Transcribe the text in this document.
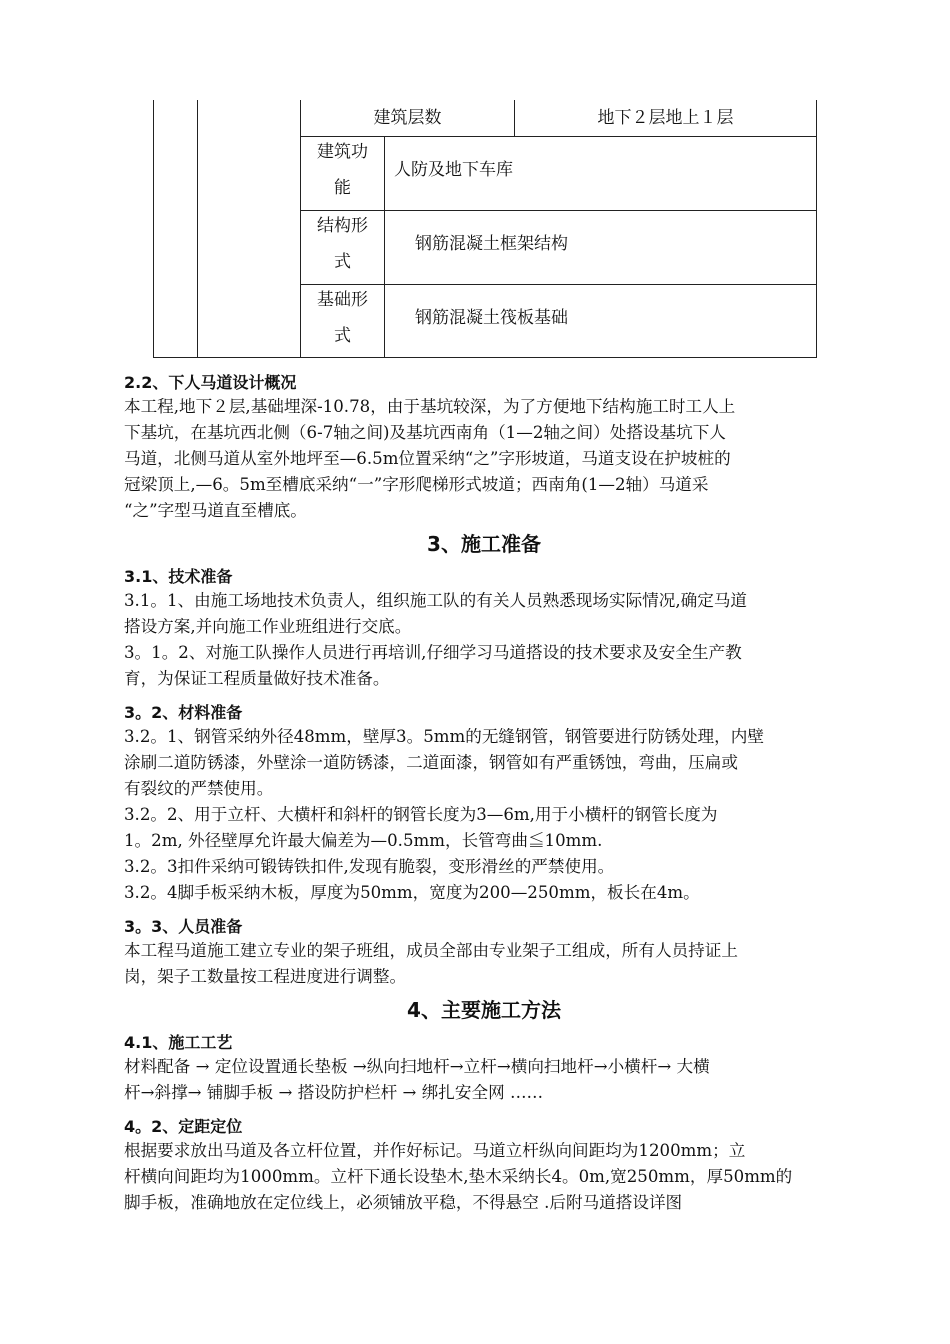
建筑层数	地下２层地上１层
建筑功
能
人防及地下车库
结构形
式
钢筋混凝土框架结构
基础形
式
钢筋混凝土筏板基础
2.2、下人马道设计概况
本工程,地下２层,基础埋深-10.78，由于基坑较深，为了方便地下结构施工时工人上
下基坑，在基坑西北侧（6-7轴之间)及基坑西南角（1—2轴之间）处搭设基坑下人
马道，北侧马道从室外地坪至—6.5m位置采纳“之”字形坡道，马道支设在护坡桩的
冠梁顶上,—6。5m至槽底采纳“一”字形爬梯形式坡道；西南角(1—2轴）马道采
“之”字型马道直至槽底。
3、施工准备
3.1、技术准备
3.1。1、由施工场地技术负责人，组织施工队的有关人员熟悉现场实际情况,确定马道
搭设方案,并向施工作业班组进行交底。
3。1。2、对施工队操作人员进行再培训,仔细学习马道搭设的技术要求及安全生产教
育，为保证工程质量做好技术准备。
3。2、材料准备
3.2。1、钢管采纳外径48mm，壁厚3。5mm的无缝钢管，钢管要进行防锈处理，内壁
涂刷二道防锈漆，外壁涂一道防锈漆，二道面漆，钢管如有严重锈蚀，弯曲，压扁或
有裂纹的严禁使用。
3.2。2、用于立杆、大横杆和斜杆的钢管长度为3—6m,用于小横杆的钢管长度为
1。2m, 外径壁厚允许最大偏差为—0.5mm，长管弯曲≦10mm.
3.2。3扣件采纳可锻铸铁扣件,发现有脆裂，变形滑丝的严禁使用。
3.2。4脚手板采纳木板，厚度为50mm，宽度为200—250mm，板长在4m。
3。3、人员准备
本工程马道施工建立专业的架子班组，成员全部由专业架子工组成，所有人员持证上
岗，架子工数量按工程进度进行调整。
4、主要施工方法
4.1、施工工艺
材料配备 → 定位设置通长垫板 →纵向扫地杆→立杆→横向扫地杆→小横杆→ 大横
杆→斜撑→ 铺脚手板 → 搭设防护栏杆 → 绑扎安全网 ……
4。2、定距定位
根据要求放出马道及各立杆位置，并作好标记。马道立杆纵向间距均为1200mm；立
杆横向间距均为1000mm。立杆下通长设垫木,垫木采纳长4。0m,宽250mm，厚50mm的
脚手板，准确地放在定位线上，必须铺放平稳，不得悬空 .后附马道搭设详图
